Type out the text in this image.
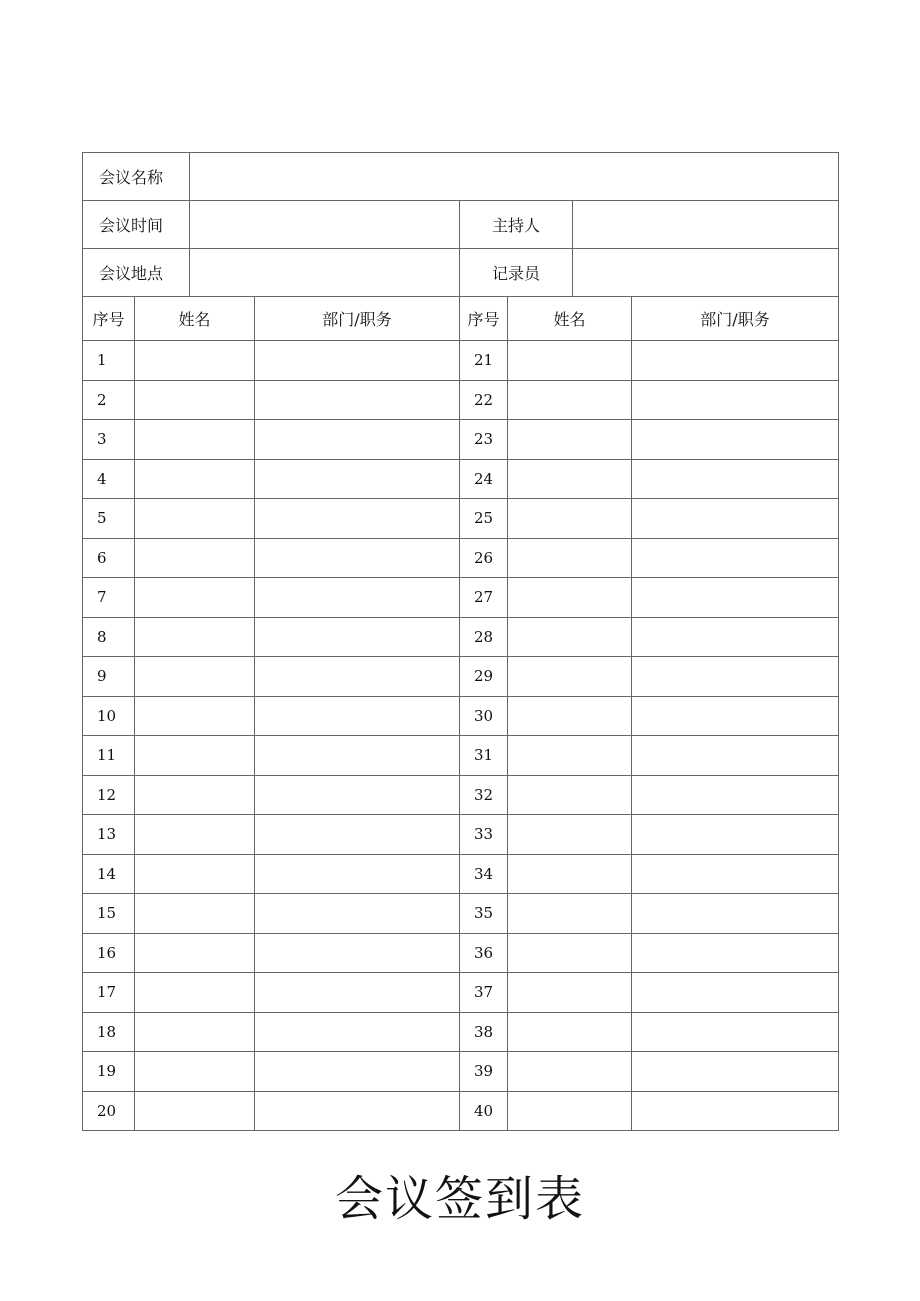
会议名称			
会议时间		主持人	
会议地点		记录员	
序号	姓名	部门/职务	序号	姓名	部门/职务
1			21		
2			22		
3			23		
4			24		
5			25		
6			26		
7			27		
8			28		
9			29		
10			30		
11			31		
12			32		
13			33		
14			34		
15			35		
16			36		
17			37		
18			38		
19			39		
20			40		
会议签到表
